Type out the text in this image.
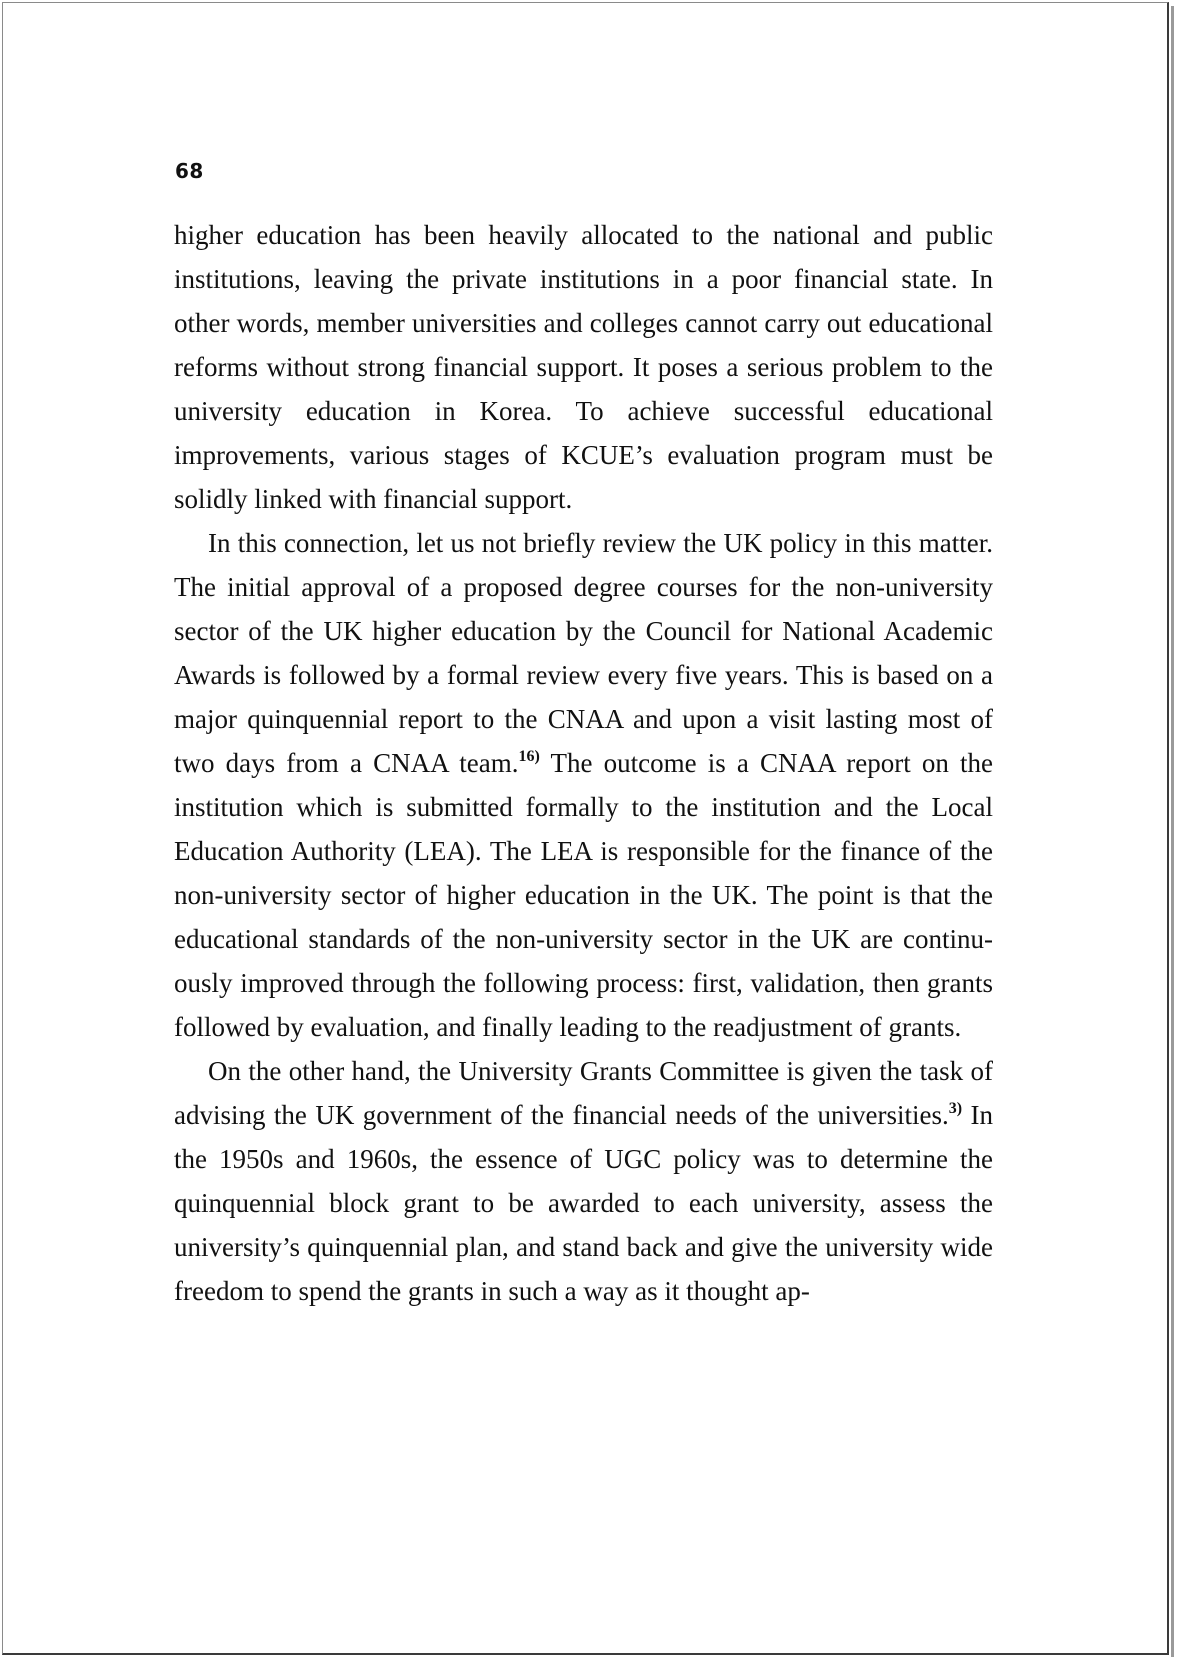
68

higher education has been heavily allocated to the national and public institutions, leaving the private institutions in a poor financial state. In other words, member universities and colleges cannot carry out educational reforms without strong financial support. It poses a serious problem to the university education in Korea. To achieve successful educational improvements, various stages of KCUE’s evaluation program must be solidly linked with financial support.

In this connection, let us not briefly review the UK policy in this matter. The initial approval of a proposed degree courses for the non-university sector of the UK higher education by the Council for National Academic Awards is followed by a formal review every five years. This is based on a major quinquennial report to the CNAA and upon a visit lasting most of two days from a CNAA team.$^{16)}$ The outcome is a CNAA report on the institution which is submitted formally to the institution and the Local Education Authority (LEA). The LEA is responsible for the finance of the non-university sector of higher education in the UK. The point is that the educational standards of the non-university sector in the UK are continuously improved through the following process: first, validation, then grants followed by evaluation, and finally leading to the readjustment of grants.

On the other hand, the University Grants Committee is given the task of advising the UK government of the financial needs of the universities.$^{3)}$ In the 1950s and 1960s, the essence of UGC policy was to determine the quinquennial block grant to be awarded to each university, assess the university’s quinquennial plan, and stand back and give the university wide freedom to spend the grants in such a way as it thought ap-
